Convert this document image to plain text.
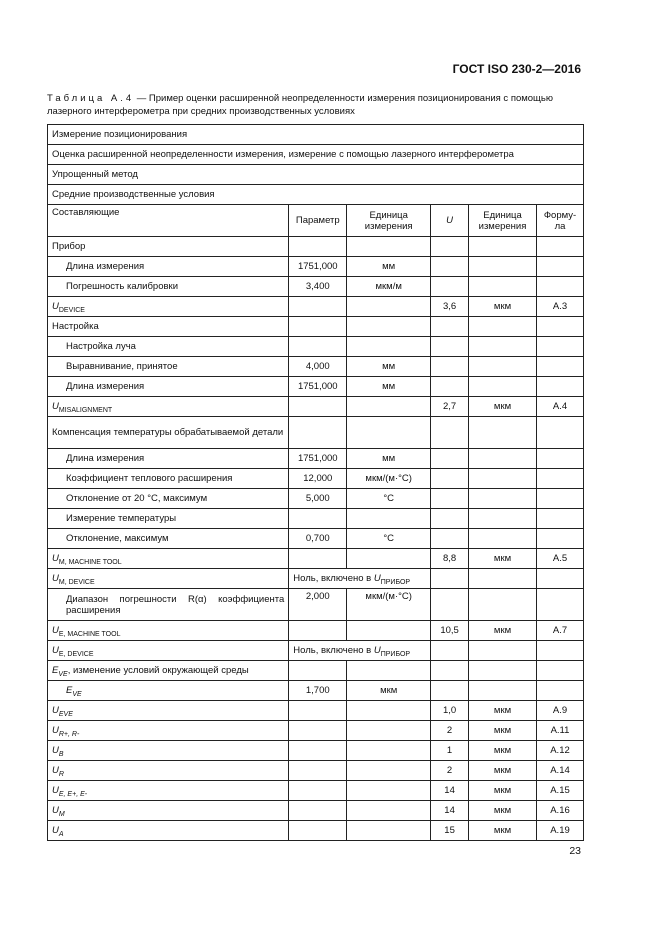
ГОСТ ISO 230-2—2016
Таблица А.4 — Пример оценки расширенной неопределенности измерения позиционирования с помощью лазерного интерферометра при средних производственных условиях
Измерение позиционирования					
Оценка расширенной неопределенности измерения, измерение с помощью лазерного интерферометра					
Упрощенный метод					
Средние производственные условия					
Составляющие	Параметр	Единица измерения	U	Единица измерения	Форму-ла
Прибор					
Длина измерения	1751,000	мм			
Погрешность калибровки	3,400	мкм/м			
$U_{DEVICE}$			3,6	мкм	А.3
Настройка					
Настройка луча					
Выравнивание, принятое	4,000	мм			
Длина измерения	1751,000	мм			
$U_{MISALIGNMENT}$			2,7	мкм	А.4
Компенсация температуры обрабатываемой детали					
Длина измерения	1751,000	мм			
Коэффициент теплового расширения	12,000	мкм/(м·°С)			
Отклонение от 20 °С, максимум	5,000	°С			
Измерение температуры					
Отклонение, максимум	0,700	°С			
$U_{M, MACHINE TOOL}$			8,8	мкм	А.5
$U_{M, DEVICE}$	Ноль, включено в $U_{ПРИБОР}$			
Диапазон погрешности R(α) коэффициента расширения	2,000	мкм/(м·°С)			
$U_{E, MACHINE TOOL}$			10,5	мкм	А.7
$U_{E, DEVICE}$	Ноль, включено в $U_{ПРИБОР}$			
$E_{VE}$, изменение условий окружающей среды					
$E_{VE}$	1,700	мкм			
$U_{EVE}$			1,0	мкм	А.9
$U_{R+, R-}$			2	мкм	А.11
$U_B$			1	мкм	А.12
$U_R$			2	мкм	А.14
$U_{E, E+, E-}$			14	мкм	А.15
$U_M$			14	мкм	А.16
$U_A$			15	мкм	А.19
23
